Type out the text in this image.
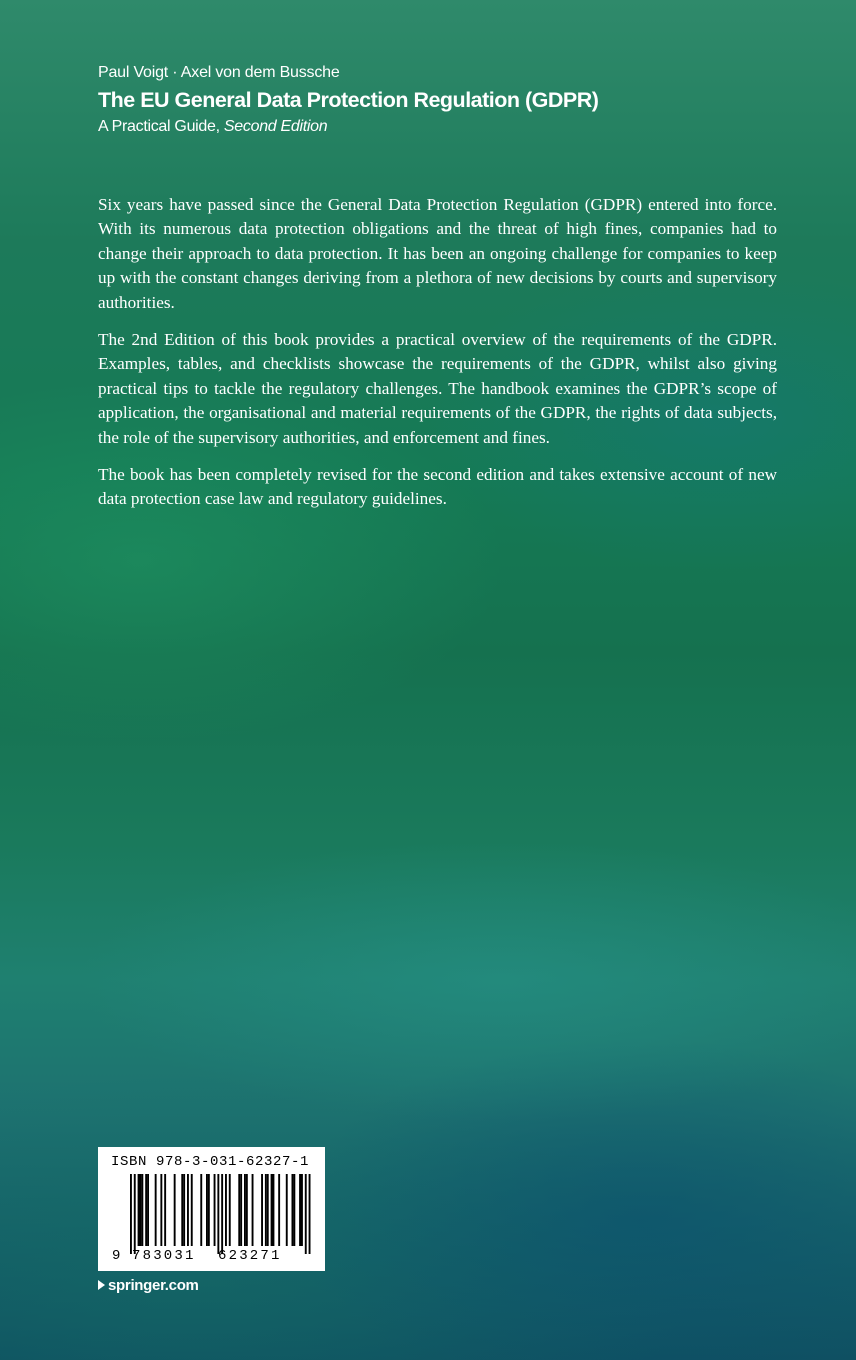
Paul Voigt · Axel von dem Bussche
The EU General Data Protection Regulation (GDPR)
A Practical Guide, Second Edition

Six years have passed since the General Data Protection Regulation (GDPR) entered into force. With its numerous data protection obligations and the threat of high fines, companies had to change their approach to data protection. It has been an ongoing challenge for companies to keep up with the constant changes deriving from a plethora of new decisions by courts and supervisory authorities.

The 2nd Edition of this book provides a practical overview of the requirements of the GDPR. Examples, tables, and checklists showcase the requirements of the GDPR, whilst also giving practical tips to tackle the regulatory challenges. The handbook examines the GDPR’s scope of application, the organisational and material requirements of the GDPR, the rights of data subjects, the role of the supervisory authorities, and enforcement and fines.

The book has been completely revised for the second edition and takes extensive account of new data protection case law and regulatory guidelines.

ISBN 978-3-031-62327-1
9 783031 623271
springer.com
